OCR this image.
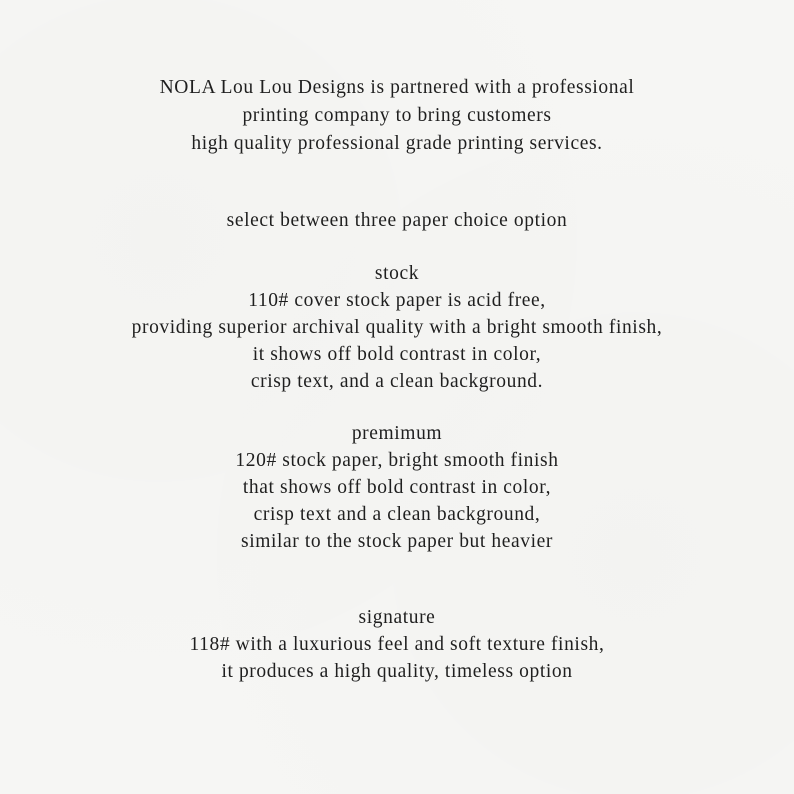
NOLA Lou Lou Designs is partnered with a professional
printing company to bring customers
high quality professional grade printing services.
select between three paper choice option
stock
110# cover stock paper is acid free,
providing superior archival quality with a bright smooth finish,
it shows off bold contrast in color,
crisp text, and a clean background.
premimum
120# stock paper, bright smooth finish
that shows off bold contrast in color,
crisp text and a clean background,
similar to the stock paper but heavier
signature
118# with a luxurious feel and soft texture finish,
it produces a high quality, timeless option
